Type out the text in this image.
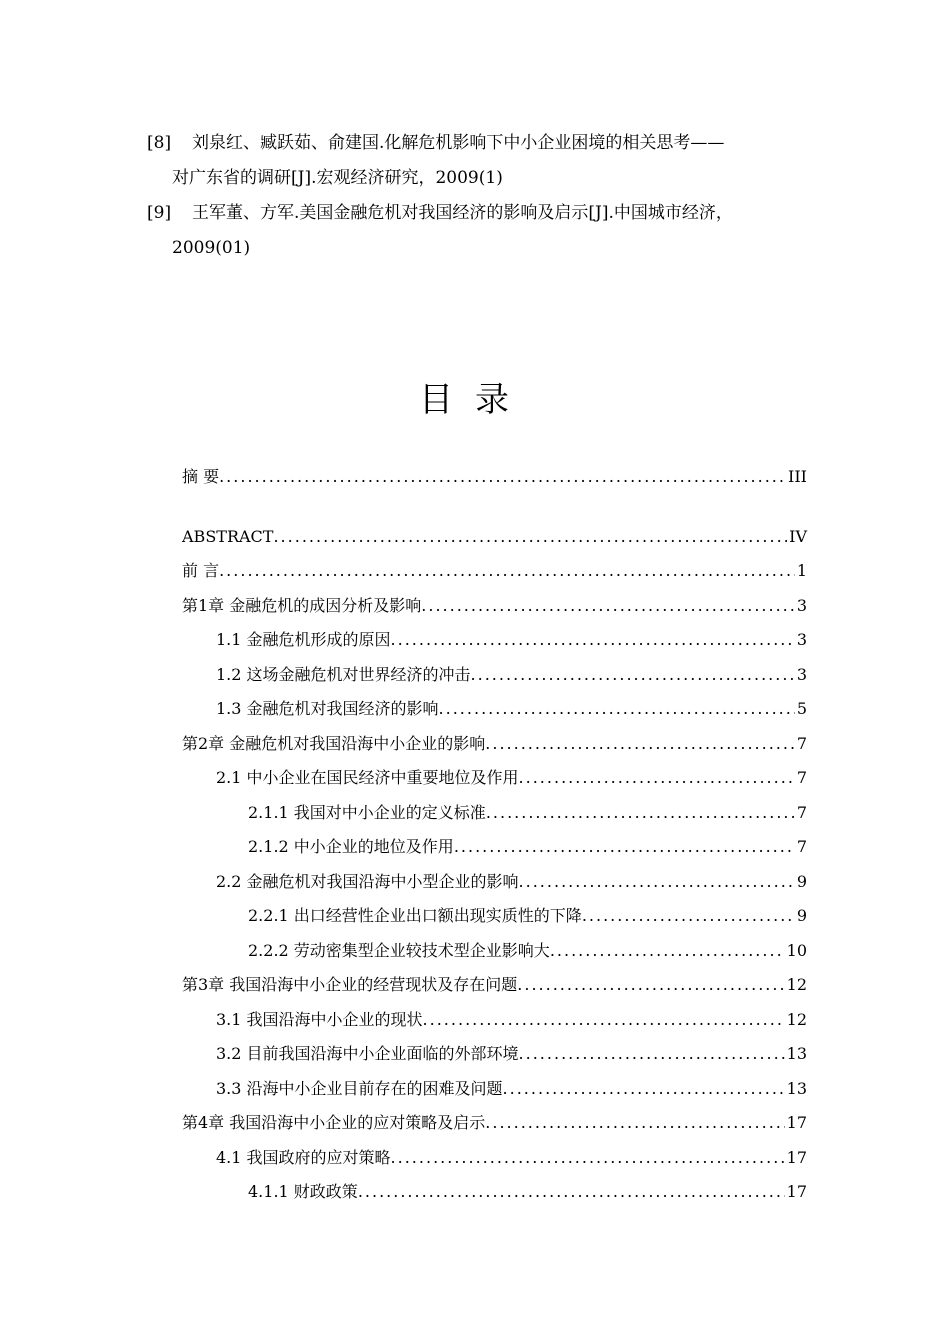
[8]	刘泉红、臧跃茹、俞建国.化解危机影响下中小企业困境的相关思考——
对广东省的调研[J].宏观经济研究，2009(1)
[9]	王军董、方军.美国金融危机对我国经济的影响及启示[J].中国城市经济，
2009(01)
目录
摘 要 .....	III
ABSTRACT .....	IV
前 言 .....	1
第1章 金融危机的成因分析及影响 .....	3
1.1 金融危机形成的原因 .....	3
1.2 这场金融危机对世界经济的冲击 .....	3
1.3 金融危机对我国经济的影响 .....	5
第2章 金融危机对我国沿海中小企业的影响 .....	7
2.1 中小企业在国民经济中重要地位及作用 .....	7
2.1.1 我国对中小企业的定义标准 .....	7
2.1.2 中小企业的地位及作用 .....	7
2.2 金融危机对我国沿海中小型企业的影响 .....	9
2.2.1 出口经营性企业出口额出现实质性的下降 .....	9
2.2.2 劳动密集型企业较技术型企业影响大 .....	10
第3章 我国沿海中小企业的经营现状及存在问题 .....	12
3.1 我国沿海中小企业的现状 .....	12
3.2 目前我国沿海中小企业面临的外部环境 .....	13
3.3 沿海中小企业目前存在的困难及问题 .....	13
第4章 我国沿海中小企业的应对策略及启示 .....	17
4.1 我国政府的应对策略 .....	17
4.1.1 财政政策 .....	17
